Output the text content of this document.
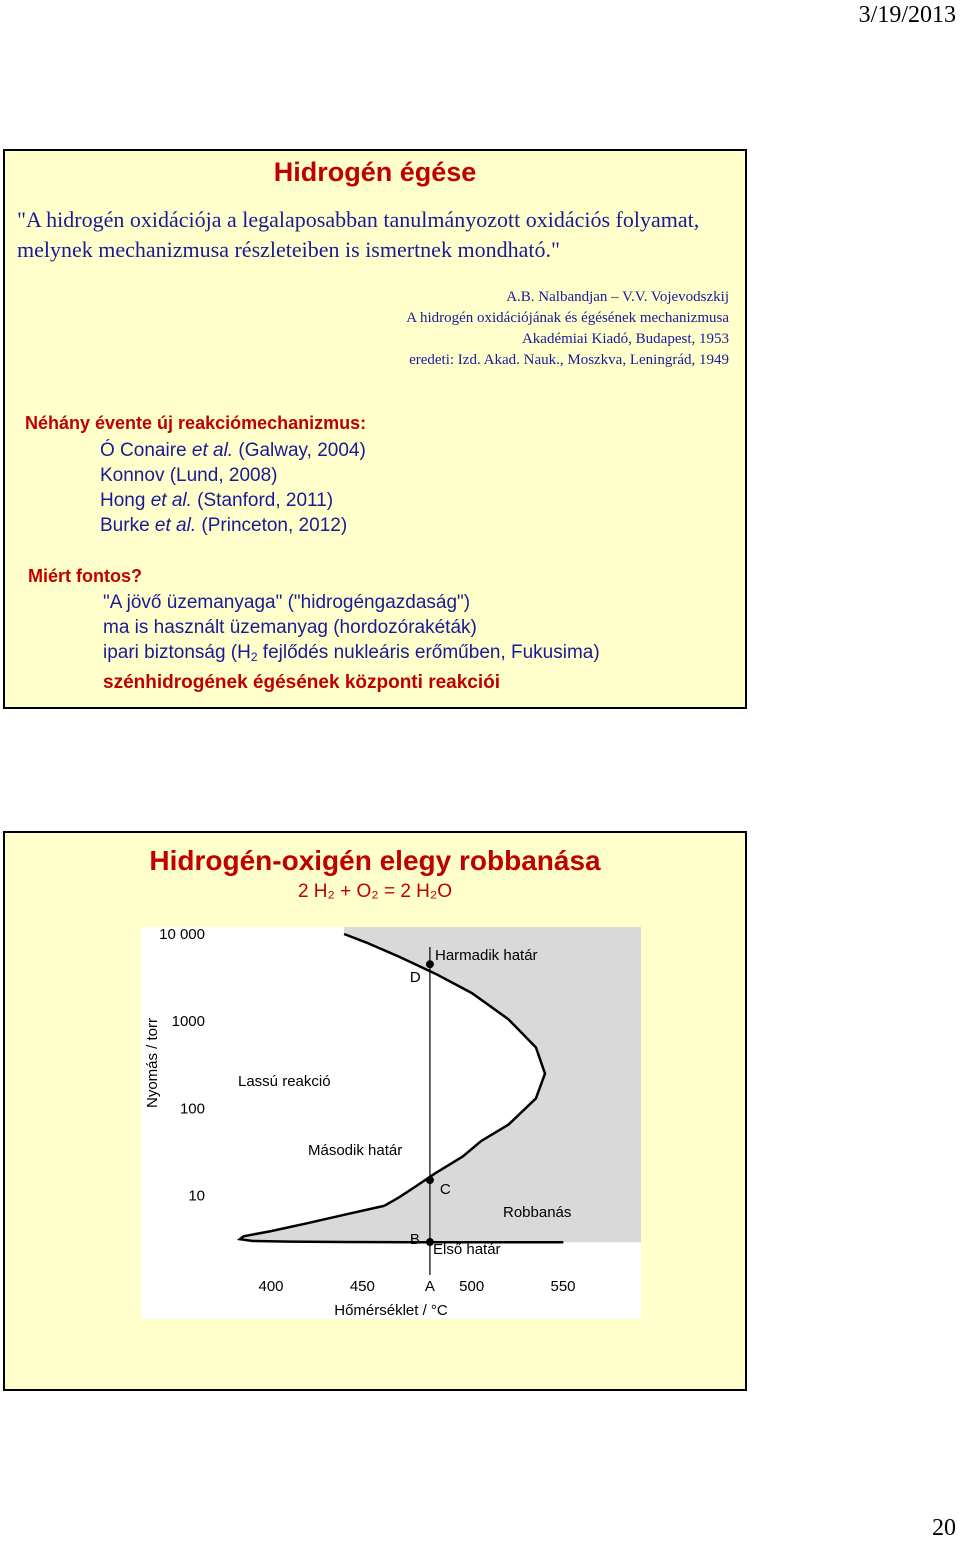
3/19/2013
Hidrogén égése

"A hidrogén oxidációja a legalaposabban tanulmányozott oxidációs folyamat, melynek mechanizmusa részleteiben is ismertnek mondható."

A.B. Nalbandjan – V.V. Vojevodszkij
A hidrogén oxidációjának és égésének mechanizmusa
Akadémiai Kiadó, Budapest, 1953
eredeti: Izd. Akad. Nauk., Moszkva, Leningrád, 1949
Néhány évente új reakciómechanizmus:
Ó Conaire et al. (Galway, 2004)
Konnov (Lund, 2008)
Hong et al. (Stanford, 2011)
Burke et al. (Princeton, 2012)
Miért fontos?
"A jövő üzemanyaga" ("hidrogéngazdaság")
ma is használt üzemanyag (hordozórakéták)
ipari biztonság ($H_2$ fejlődés nukleáris erőműben, Fukusima)
szénhidrogének égésének központi reakciói
Hidrogén-oxigén elegy robbanása
2 H₂ + O₂ = 2 H₂O
400	450	500	550
10
100
1000
10 000
D
C
B
A
Harmadik határ
Lassú reakció
Második határ
Robbanás
Első határ
Hőmérséklet / °C
Nyomás / torr
20
